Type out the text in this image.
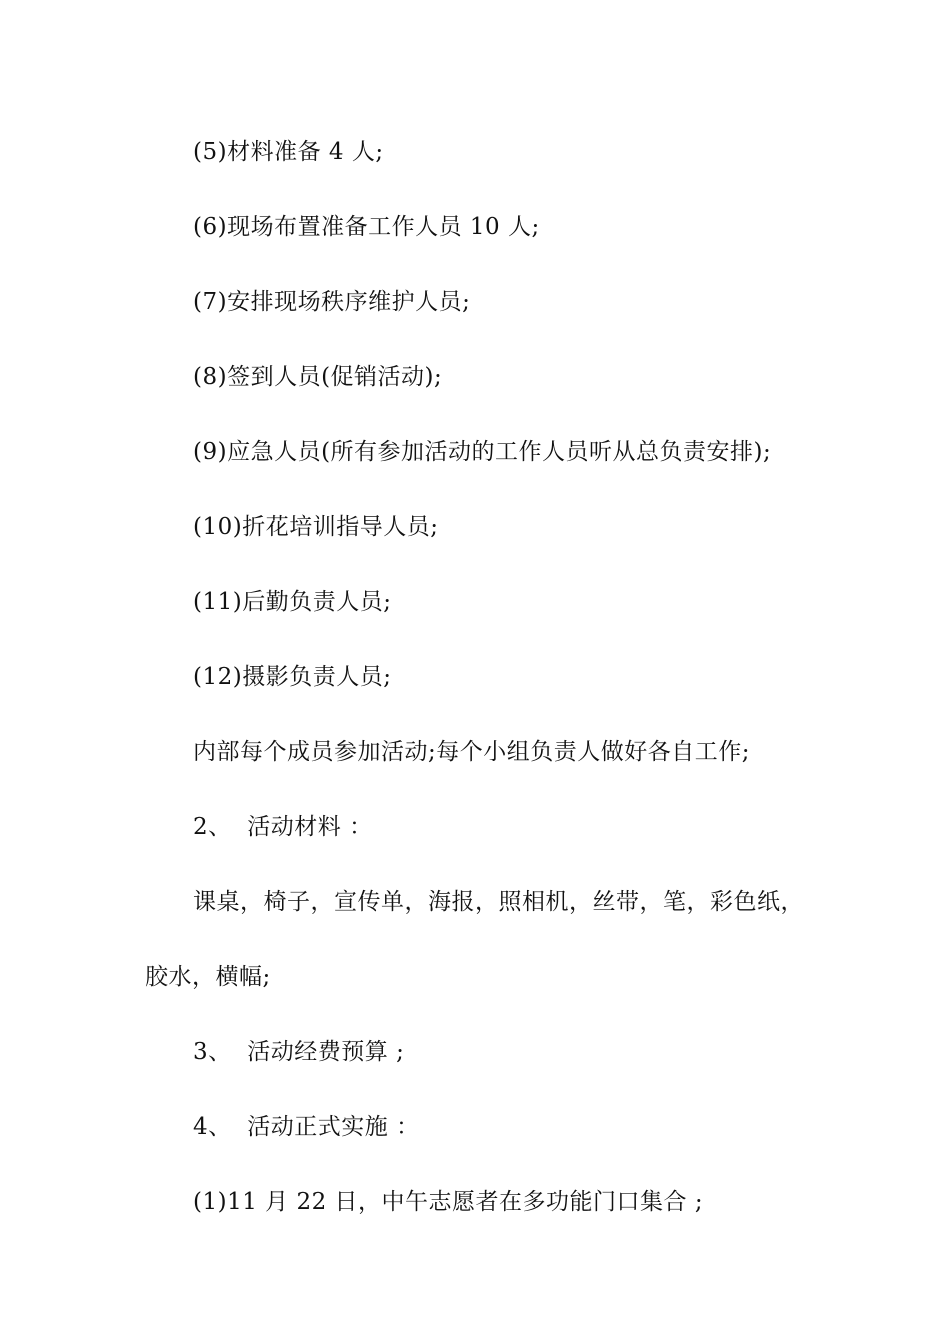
(5)材料准备 4 人;
(6)现场布置准备工作人员 10 人;
(7)安排现场秩序维护人员;
(8)签到人员(促销活动);
(9)应急人员(所有参加活动的工作人员听从总负责安排);
(10)折花培训指导人员;
(11)后勤负责人员;
(12)摄影负责人员;
内部每个成员参加活动;每个小组负责人做好各自工作;
2、  活动材料 ：
课桌，椅子，宣传单，海报，照相机，丝带，笔，彩色纸，
胶水，横幅;
3、  活动经费预算 ;
4、  活动正式实施 ：
(1)11 月 22 日，中午志愿者在多功能门口集合 ;
